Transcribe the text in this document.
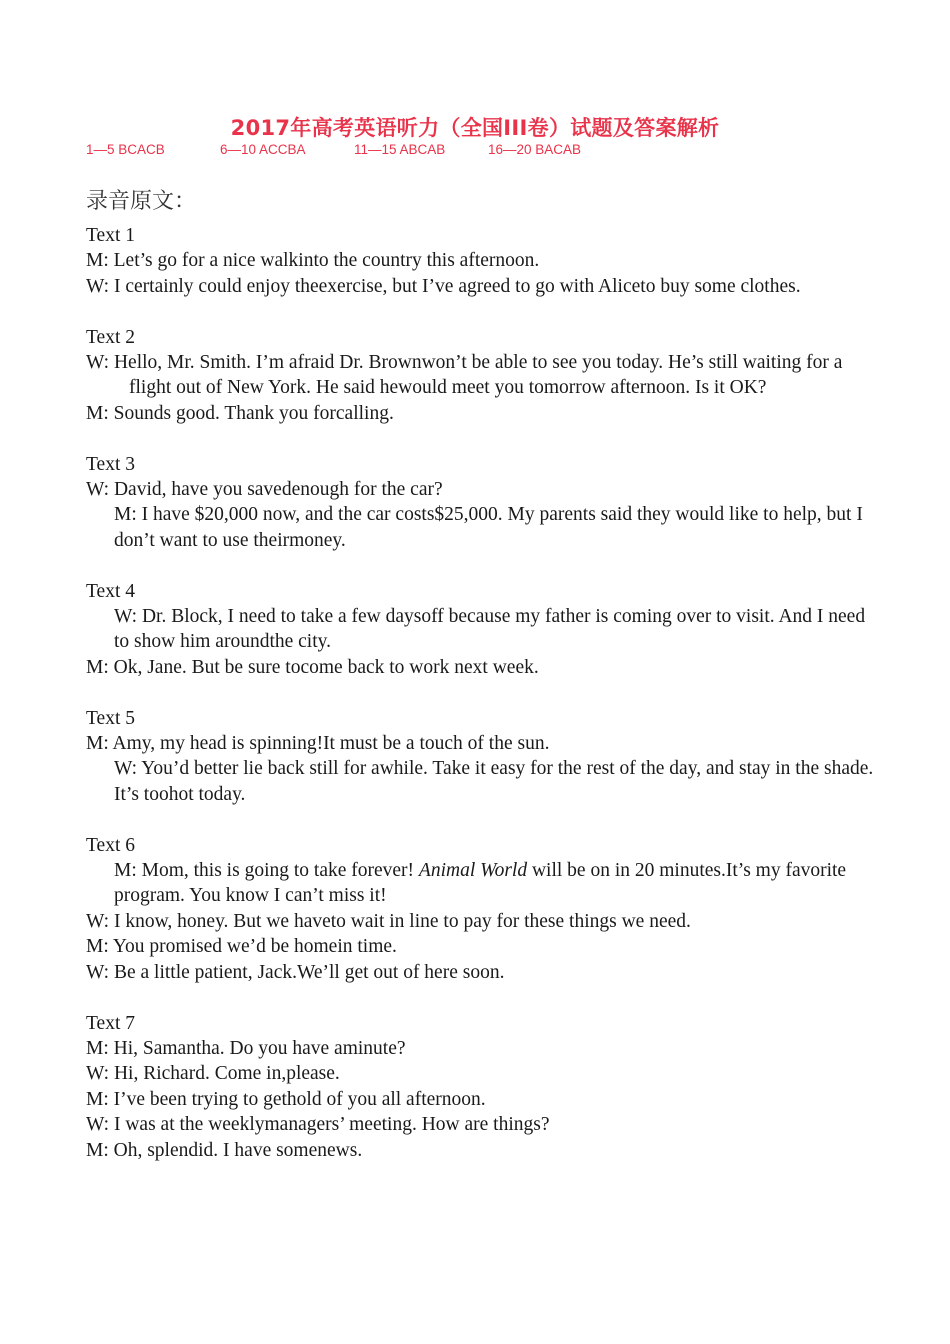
2017年高考英语听力（全国III卷）试题及答案解析
1—5 BCACB	6—10 ACCBA	11—15 ABCAB	16—20 BACAB
录音原文：

Text 1

M: Let’s go for a nice walkinto the country this afternoon.

W: I certainly could enjoy theexercise, but I’ve agreed to go with Aliceto buy some clothes.

Text 2

W: Hello, Mr. Smith. I’m afraid Dr. Brownwon’t be able to see you today. He’s still waiting for a flight out of New York. He said hewould meet you tomorrow afternoon. Is it OK?

M: Sounds good. Thank you forcalling.

Text 3

W: David, have you savedenough for the car?

M: I have $20,000 now, and the car costs$25,000. My parents said they would like to help, but I don’t want to use theirmoney.

Text 4

W: Dr. Block, I need to take a few daysoff because my father is coming over to visit. And I need to show him aroundthe city.

M: Ok, Jane. But be sure tocome back to work next week.

Text 5

M: Amy, my head is spinning!It must be a touch of the sun.

W: You’d better lie back still for awhile. Take it easy for the rest of the day, and stay in the shade. It’s toohot today.

Text 6

M: Mom, this is going to take forever! Animal World will be on in 20 minutes.It’s my favorite program. You know I can’t miss it!

W: I know, honey. But we haveto wait in line to pay for these things we need.

M: You promised we’d be homein time.

W: Be a little patient, Jack.We’ll get out of here soon.

Text 7

M: Hi, Samantha. Do you have aminute?

W: Hi, Richard. Come in,please.

M: I’ve been trying to gethold of you all afternoon.

W: I was at the weeklymanagers’ meeting. How are things?

M: Oh, splendid. I have somenews.
